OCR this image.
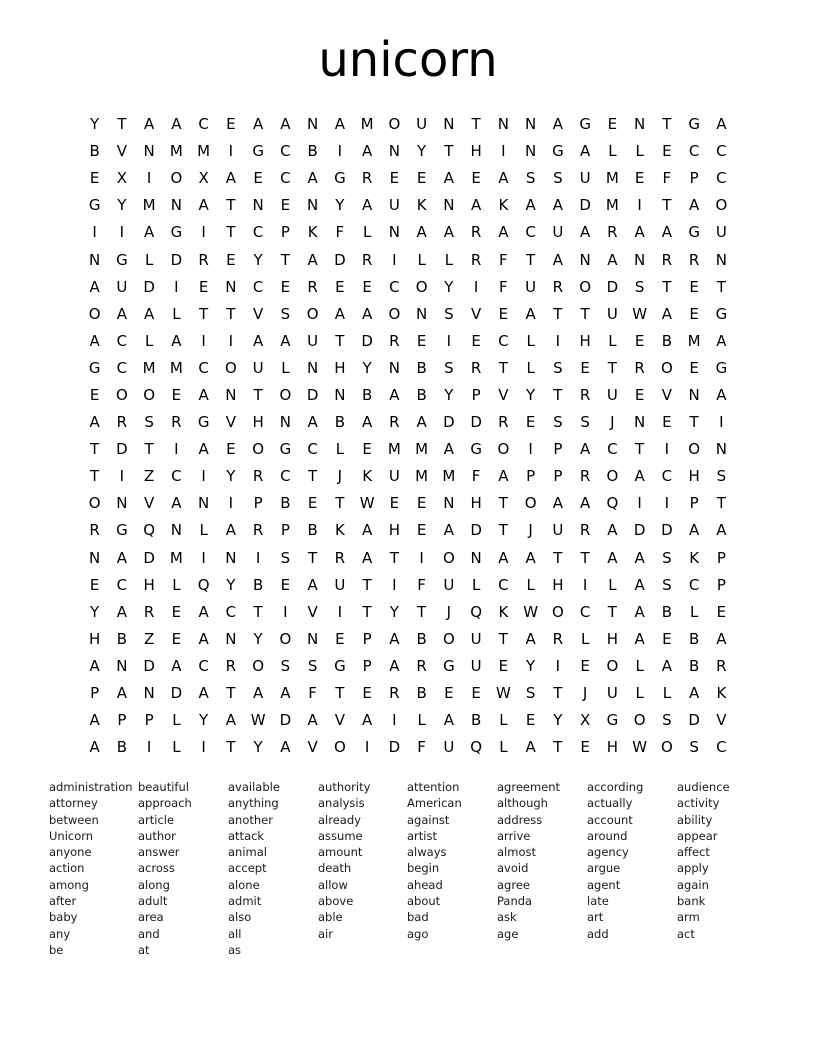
unicorn
Y	T	A	A	C	E	A	A	N	A	M O	U	N	T	N	N	A	G	E	N	T	G	A
B	V	N	M M	I	G	C	B	I	A	N	Y	T	H	I	N	G	A	L	L	E	C	C
E	X	I	O	X	A	E	C	A	G	R	E	E	A	E	A	S	S	U	M	E	F	P	C
G	Y	M	N	A	T	N	E	N	Y	A	U	K	N	A	K	A	A	D M	I	T	A	O
I	I	A	G	I	T	C	P	K	F	L	N	A	A	R	A	C	U	A	R	A	A	G	U
N	G	L	D	R	E	Y	T	A	D	R	I	L	L	R	F	T	A	N	A	N	R	R	N
A	U	D	I	E	N	C	E	R	E	E	C	O	Y	I	F	U	R	O	D	S	T	E	T
O	A	A	L	T	T	V	S	O	A	A	O	N	S	V	E	A	T	T	U W A	E	G
A	C	L	A	I	I	A	A	U	T	D	R	E	I	E	C	L	I	H	L	E	B	M	A
G	C	M M	C	O	U	L	N	H	Y	N	B	S	R	T	L	S	E	T	R	O	E	G
E	O	O	E	A	N	T	O	D	N	B	A	B	Y	P	V	Y	T	R	U	E	V	N	A
A	R	S	R	G	V	H	N	A	B	A	R	A	D	D	R	E	S	S	J	N	E	T	I
T	D	T	I	A	E	O	G	C	L	E	M M	A	G	O	I	P	A	C	T	I	O	N
T	I	Z	C	I	Y	R	C	T	J	K	U	M M	F	A	P	P	R	O	A	C	H	S
O	N	V	A	N	I	P	B	E	T	W	E	E	N	H	T	O	A	A	Q	I	I	P	T
R	G	Q	N	L	A	R	P	B	K	A	H	E	A	D	T	J	U	R	A	D	D	A	A
N	A	D M	I	N	I	S	T	R	A	T	I	O	N	A	A	T	T	A	A	S	K	P
E	C	H	L	Q	Y	B	E	A	U	T	I	F	U	L	C	L	H	I	L	A	S	C	P
Y	A	R	E	A	C	T	I	V	I	T	Y	T	J	Q	K W O	C	T	A	B	L	E
H	B	Z	E	A	N	Y	O	N	E	P	A	B	O	U	T	A	R	L	H	A	E	B	A
A	N	D	A	C	R	O	S	S	G	P	A	R	G	U	E	Y	I	E	O	L	A	B	R
P	A	N	D	A	T	A	A	F	T	E	R	B	E	E	W	S	T	J	U	L	L	A	K
A	P	P	L	Y	A W D	A	V	A	I	L	A	B	L	E	Y	X	G	O	S	D	V
A	B	I	L	I	T	Y	A	V	O	I	D	F	U	Q	L	A	T	E	H W O	S	C
administration
attorney
between
Unicorn
anyone
action
among
after
baby
any
be
beautiful
approach
article
author
answer
across
along
adult
area
and
at
available
anything
another
attack
animal
accept
alone
admit
also
all
as
authority
analysis
already
assume
amount
death
allow
above
able
air
attention
American
against
artist
always
begin
ahead
about
bad
ago
agreement
although
address
arrive
almost
avoid
agree
Panda
ask
age
according
actually
account
around
agency
argue
agent
late
art
add
audience
activity
ability
appear
affect
apply
again
bank
arm
act
